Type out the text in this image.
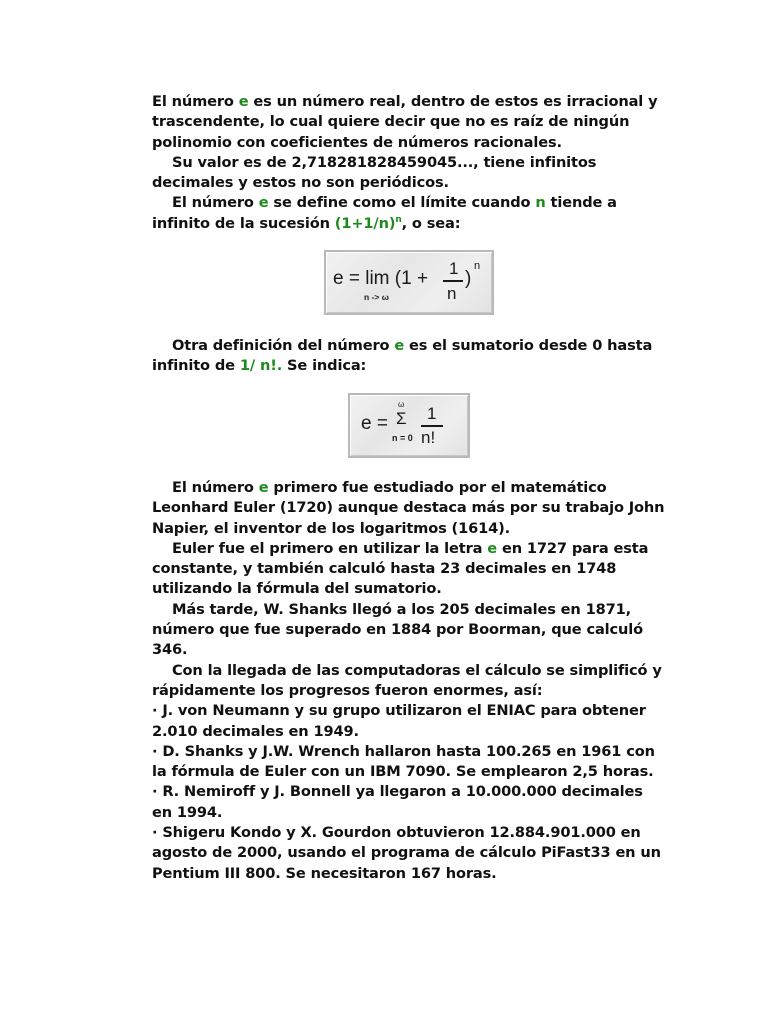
El número e es un número real, dentro de estos es irracional y
trascendente, lo cual quiere decir que no es raíz de ningún
polinomio con coeficientes de números racionales.
Su valor es de 2,718281828459045..., tiene infinitos
decimales y estos no son periódicos.
El número e se define como el límite cuando n tiende a
infinito de la sucesión $(1+1/n)^n$, o sea:
e = lim (1 +
n -> ω
1
n
)
n
Otra definición del número e es el sumatorio desde 0 hasta
infinito de 1/ n!. Se indica:
e =
ω
Σ
n = 0
1
n!
El número e primero fue estudiado por el matemático
Leonhard Euler (1720) aunque destaca más por su trabajo John
Napier, el inventor de los logaritmos (1614).
Euler fue el primero en utilizar la letra e en 1727 para esta
constante, y también calculó hasta 23 decimales en 1748
utilizando la fórmula del sumatorio.
Más tarde, W. Shanks llegó a los 205 decimales en 1871,
número que fue superado en 1884 por Boorman, que calculó
346.
Con la llegada de las computadoras el cálculo se simplificó y
rápidamente los progresos fueron enormes, así:
· J. von Neumann y su grupo utilizaron el ENIAC para obtener
2.010 decimales en 1949.
· D. Shanks y J.W. Wrench hallaron hasta 100.265 en 1961 con
la fórmula de Euler con un IBM 7090. Se emplearon 2,5 horas.
· R. Nemiroff y J. Bonnell ya llegaron a 10.000.000 decimales
en 1994.
· Shigeru Kondo y X. Gourdon obtuvieron 12.884.901.000 en
agosto de 2000, usando el programa de cálculo PiFast33 en un
Pentium III 800. Se necesitaron 167 horas.
